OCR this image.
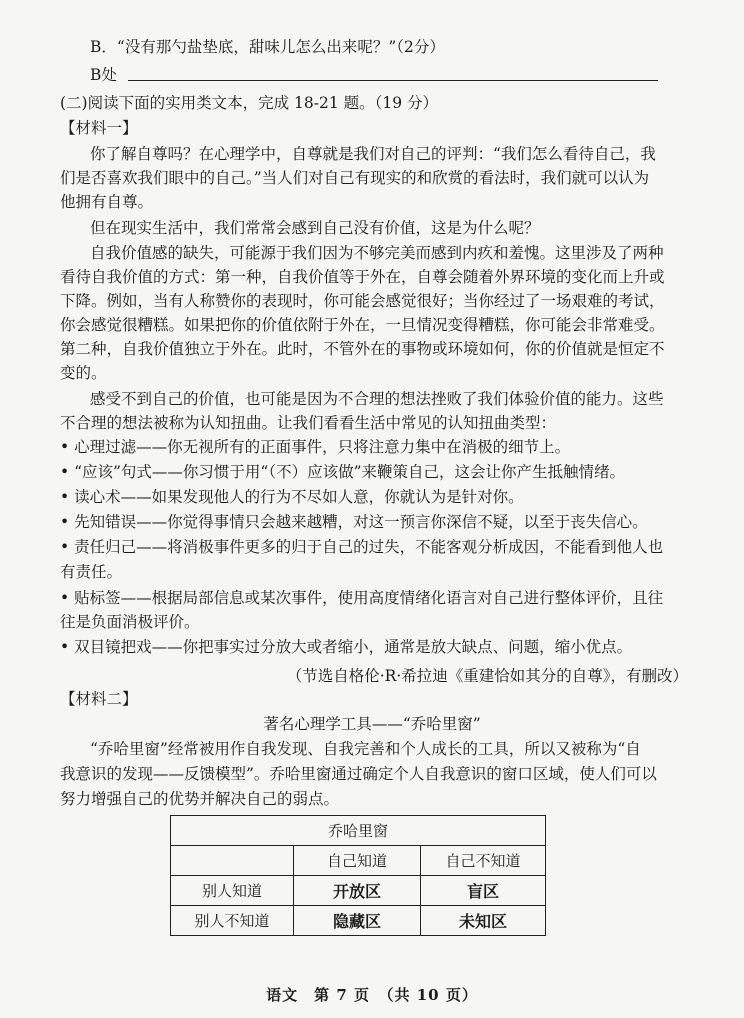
B．“没有那勺盐垫底，甜味儿怎么出来呢？”（2分）
B处
(二)阅读下面的实用类文本，完成 18-21 题。（19 分）
【材料一】
你了解自尊吗？在心理学中，自尊就是我们对自己的评判：“我们怎么看待自己，我
们是否喜欢我们眼中的自己。”当人们对自己有现实的和欣赏的看法时，我们就可以认为
他拥有自尊。
但在现实生活中，我们常常会感到自己没有价值，这是为什么呢？
自我价值感的缺失，可能源于我们因为不够完美而感到内疚和羞愧。这里涉及了两种
看待自我价值的方式：第一种，自我价值等于外在，自尊会随着外界环境的变化而上升或
下降。例如，当有人称赞你的表现时，你可能会感觉很好；当你经过了一场艰难的考试，
你会感觉很糟糕。如果把你的价值依附于外在，一旦情况变得糟糕，你可能会非常难受。
第二种，自我价值独立于外在。此时，不管外在的事物或环境如何，你的价值就是恒定不
变的。
感受不到自己的价值，也可能是因为不合理的想法挫败了我们体验价值的能力。这些
不合理的想法被称为认知扭曲。让我们看看生活中常见的认知扭曲类型：
• 心理过滤——你无视所有的正面事件，只将注意力集中在消极的细节上。
• “应该”句式——你习惯于用“（不）应该做”来鞭策自己，这会让你产生抵触情绪。
• 读心术——如果发现他人的行为不尽如人意，你就认为是针对你。
• 先知错误——你觉得事情只会越来越糟，对这一预言你深信不疑，以至于丧失信心。
• 责任归己——将消极事件更多的归于自己的过失，不能客观分析成因，不能看到他人也
有责任。
• 贴标签——根据局部信息或某次事件，使用高度情绪化语言对自己进行整体评价，且往
往是负面消极评价。
• 双目镜把戏——你把事实过分放大或者缩小，通常是放大缺点、问题，缩小优点。
（节选自格伦·R·希拉迪《重建恰如其分的自尊》，有删改）
【材料二】
著名心理学工具——“乔哈里窗”
“乔哈里窗”经常被用作自我发现、自我完善和个人成长的工具，所以又被称为“自
我意识的发现——反馈模型”。乔哈里窗通过确定个人自我意识的窗口区域，使人们可以
努力增强自己的优势并解决自己的弱点。
乔哈里窗		
	自己知道	自己不知道
别人知道	开放区	盲区
别人不知道	隐藏区	未知区
语文　第 7 页　（共 10 页）
